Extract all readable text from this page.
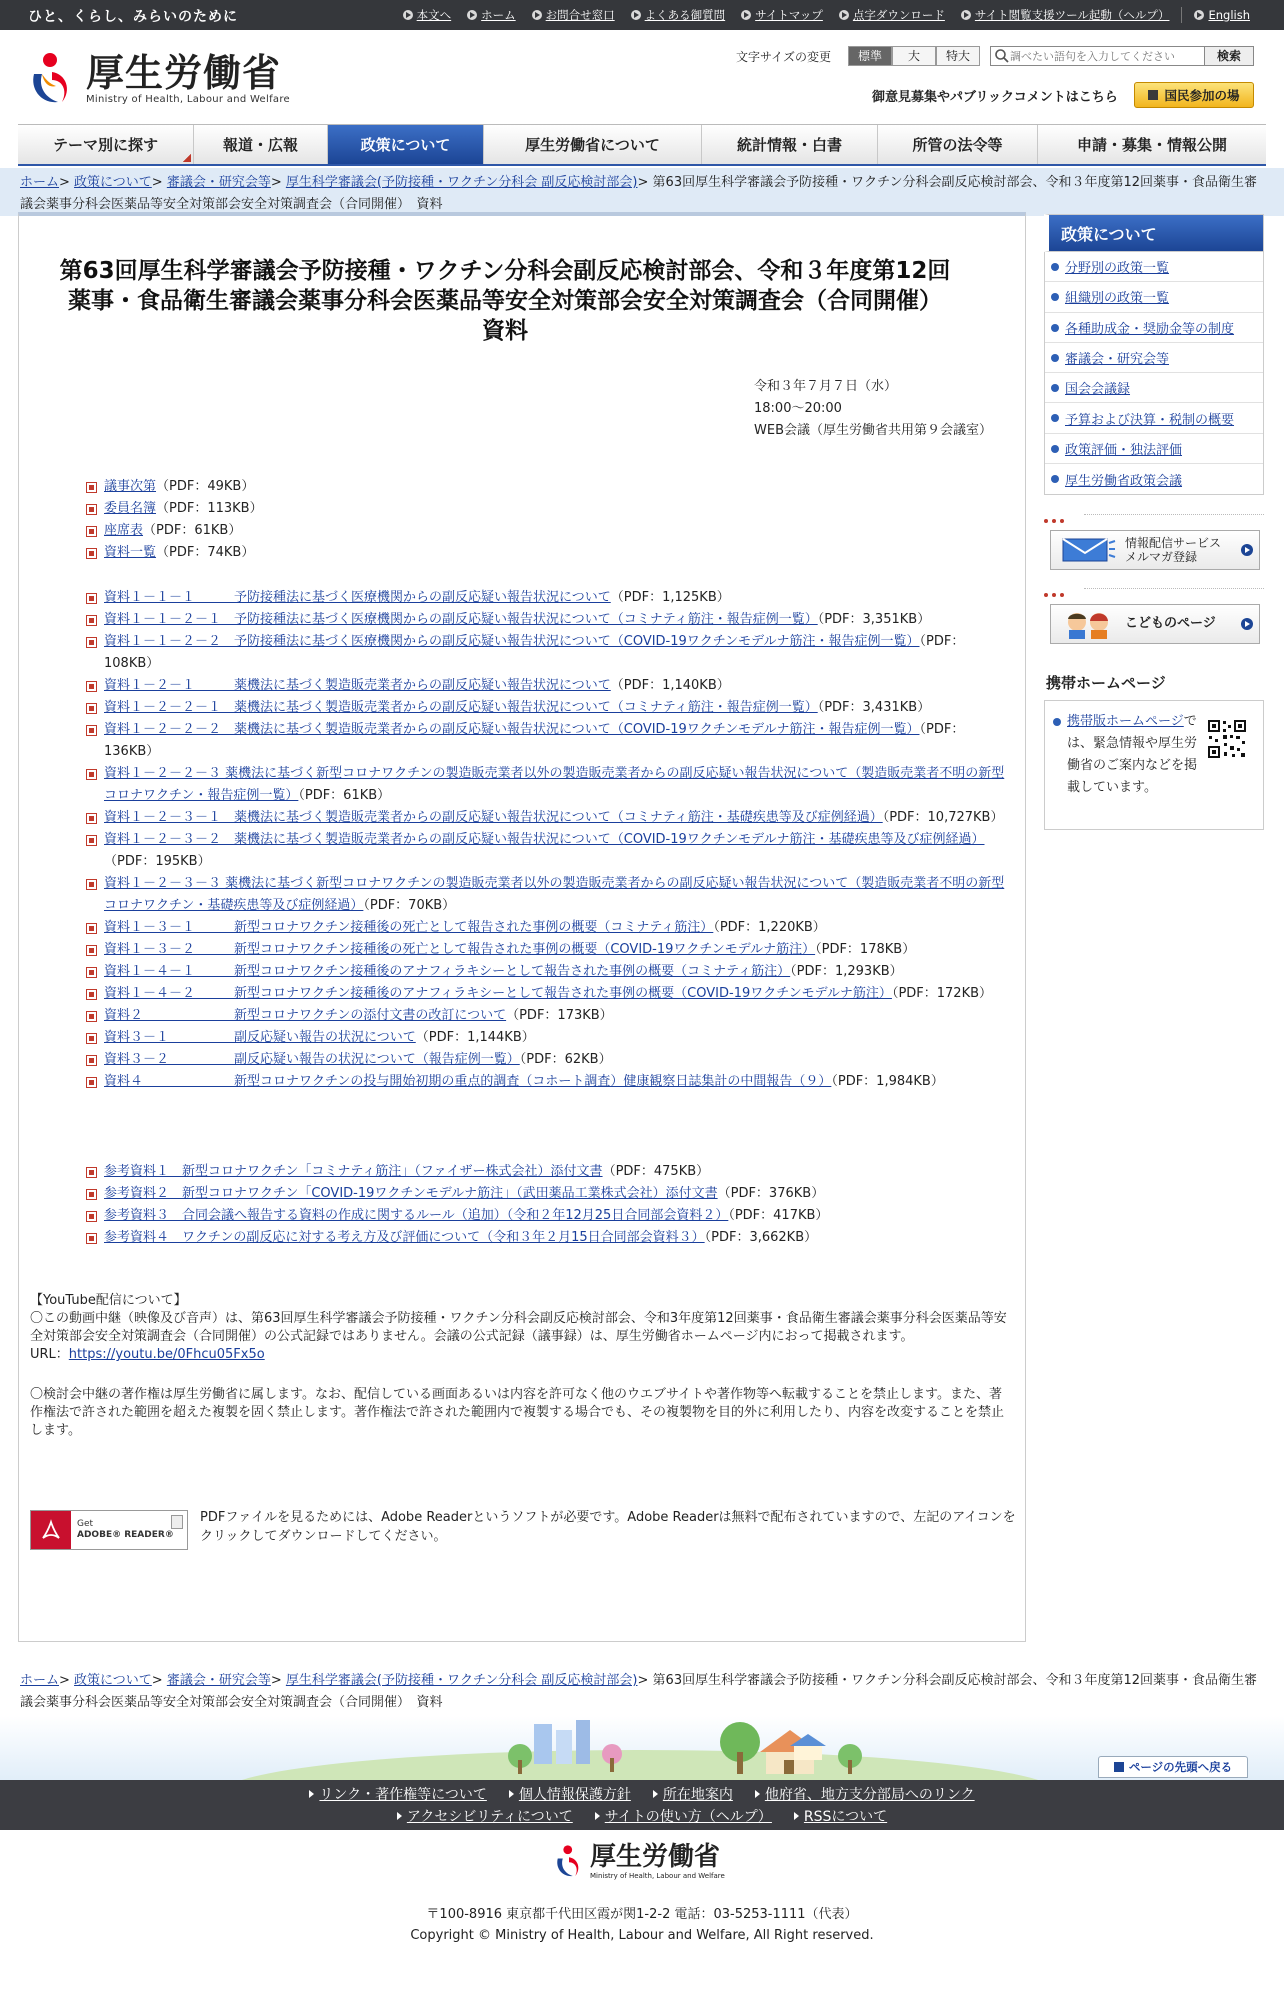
ひと、くらし、みらいのために	本文へ	ホーム	お問合せ窓口	よくある御質問	サイトマップ	点字ダウンロード	サイト閲覧支援ツール起動（ヘルプ）	English
厚生労働省
Ministry of Health, Labour and Welfare
文字サイズの変更	標準	大	特大
調べたい語句を入力してください	検索
御意見募集やパブリックコメントはこちら	国民参加の場
テーマ別に探す	報道・広報	政策について	厚生労働省について	統計情報・白書	所管の法令等	申請・募集・情報公開
ホーム> 政策について> 審議会・研究会等> 厚生科学審議会(予防接種・ワクチン分科会 副反応検討部会)> 第63回厚生科学審議会予防接種・ワクチン分科会副反応検討部会、令和３年度第12回薬事・食品衛生審議会薬事分科会医薬品等安全対策部会安全対策調査会（合同開催）　資料
第63回厚生科学審議会予防接種・ワクチン分科会副反応検討部会、令和３年度第12回
薬事・食品衛生審議会薬事分科会医薬品等安全対策部会安全対策調査会（合同開催）
資料
令和３年７月７日（水）
18:00～20:00
WEB会議（厚生労働省共用第９会議室）
議事次第（PDF：49KB）
委員名簿（PDF：113KB）
座席表（PDF：61KB）
資料一覧（PDF：74KB）
資料１－１－１　　　予防接種法に基づく医療機関からの副反応疑い報告状況について（PDF：1,125KB）
資料１－１－２－１　予防接種法に基づく医療機関からの副反応疑い報告状況について（コミナティ筋注・報告症例一覧）（PDF：3,351KB）
資料１－１－２－２　予防接種法に基づく医療機関からの副反応疑い報告状況について（COVID-19ワクチンモデルナ筋注・報告症例一覧）（PDF：108KB）
資料１－２－１　　　薬機法に基づく製造販売業者からの副反応疑い報告状況について（PDF：1,140KB）
資料１－２－２－１　薬機法に基づく製造販売業者からの副反応疑い報告状況について（コミナティ筋注・報告症例一覧）（PDF：3,431KB）
資料１－２－２－２　薬機法に基づく製造販売業者からの副反応疑い報告状況について（COVID-19ワクチンモデルナ筋注・報告症例一覧）（PDF：136KB）
資料１－２－２－３ 薬機法に基づく新型コロナワクチンの製造販売業者以外の製造販売業者からの副反応疑い報告状況について（製造販売業者不明の新型コロナワクチン・報告症例一覧）（PDF：61KB）
資料１－２－３－１　薬機法に基づく製造販売業者からの副反応疑い報告状況について（コミナティ筋注・基礎疾患等及び症例経過）（PDF：10,727KB）
資料１－２－３－２　薬機法に基づく製造販売業者からの副反応疑い報告状況について（COVID-19ワクチンモデルナ筋注・基礎疾患等及び症例経過）（PDF：195KB）
資料１－２－３－３ 薬機法に基づく新型コロナワクチンの製造販売業者以外の製造販売業者からの副反応疑い報告状況について（製造販売業者不明の新型コロナワクチン・基礎疾患等及び症例経過）（PDF：70KB）
資料１－３－１　　　新型コロナワクチン接種後の死亡として報告された事例の概要（コミナティ筋注）（PDF：1,220KB）
資料１－３－２　　　新型コロナワクチン接種後の死亡として報告された事例の概要（COVID-19ワクチンモデルナ筋注）（PDF：178KB）
資料１－４－１　　　新型コロナワクチン接種後のアナフィラキシーとして報告された事例の概要（コミナティ筋注）（PDF：1,293KB）
資料１－４－２　　　新型コロナワクチン接種後のアナフィラキシーとして報告された事例の概要（COVID-19ワクチンモデルナ筋注）（PDF：172KB）
資料２　　　　　　　新型コロナワクチンの添付文書の改訂について（PDF：173KB）
資料３－１　　　　　副反応疑い報告の状況について（PDF：1,144KB）
資料３－２　　　　　副反応疑い報告の状況について（報告症例一覧）（PDF：62KB）
資料４　　　　　　　新型コロナワクチンの投与開始初期の重点的調査（コホート調査）健康観察日誌集計の中間報告（９）（PDF：1,984KB）
参考資料１　新型コロナワクチン「コミナティ筋注」（ファイザー株式会社）添付文書（PDF：475KB）
参考資料２　新型コロナワクチン「COVID-19ワクチンモデルナ筋注」（武田薬品工業株式会社）添付文書（PDF：376KB）
参考資料３　合同会議へ報告する資料の作成に関するルール（追加）（令和２年12月25日合同部会資料２）（PDF：417KB）
参考資料４　ワクチンの副反応に対する考え方及び評価について（令和３年２月15日合同部会資料３）（PDF：3,662KB）

【YouTube配信について】

〇この動画中継（映像及び音声）は、第63回厚生科学審議会予防接種・ワクチン分科会副反応検討部会、令和3年度第12回薬事・食品衛生審議会薬事分科会医薬品等安全対策部会安全対策調査会（合同開催）の公式記録ではありません。会議の公式記録（議事録）は、厚生労働省ホームページ内におって掲載されます。

URL：https://youtu.be/0Fhcu05Fx5o

〇検討会中継の著作権は厚生労働省に属します。なお、配信している画面あるいは内容を許可なく他のウエブサイトや著作物等へ転載することを禁止します。また、著作権法で許された範囲を超えた複製を固く禁止します。著作権法で許された範囲内で複製する場合でも、その複製物を目的外に利用したり、内容を改変することを禁止します。

Get
ADOBE® READER®
PDFファイルを見るためには、Adobe Readerというソフトが必要です。Adobe Readerは無料で配布されていますので、左記のアイコンをクリックしてダウンロードしてください。
政策について
分野別の政策一覧
組織別の政策一覧
各種助成金・奨励金等の制度
審議会・研究会等
国会会議録
予算および決算・税制の概要
政策評価・独法評価
厚生労働省政策会議
情報配信サービス
メルマガ登録
こどものページ
携帯ホームページ
携帯版ホームページでは、緊急情報や厚生労働省のご案内などを掲載しています。
ホーム> 政策について> 審議会・研究会等> 厚生科学審議会(予防接種・ワクチン分科会 副反応検討部会)> 第63回厚生科学審議会予防接種・ワクチン分科会副反応検討部会、令和３年度第12回薬事・食品衛生審議会薬事分科会医薬品等安全対策部会安全対策調査会（合同開催）　資料
ページの先頭へ戻る
リンク・著作権等について	個人情報保護方針	所在地案内	他府省、地方支分部局へのリンク
アクセシビリティについて	サイトの使い方（ヘルプ）	RSSについて
厚生労働省
Ministry of Health, Labour and Welfare
〒100-8916 東京都千代田区霞が関1-2-2 電話：03-5253-1111（代表）
Copyright © Ministry of Health, Labour and Welfare, All Right reserved.
